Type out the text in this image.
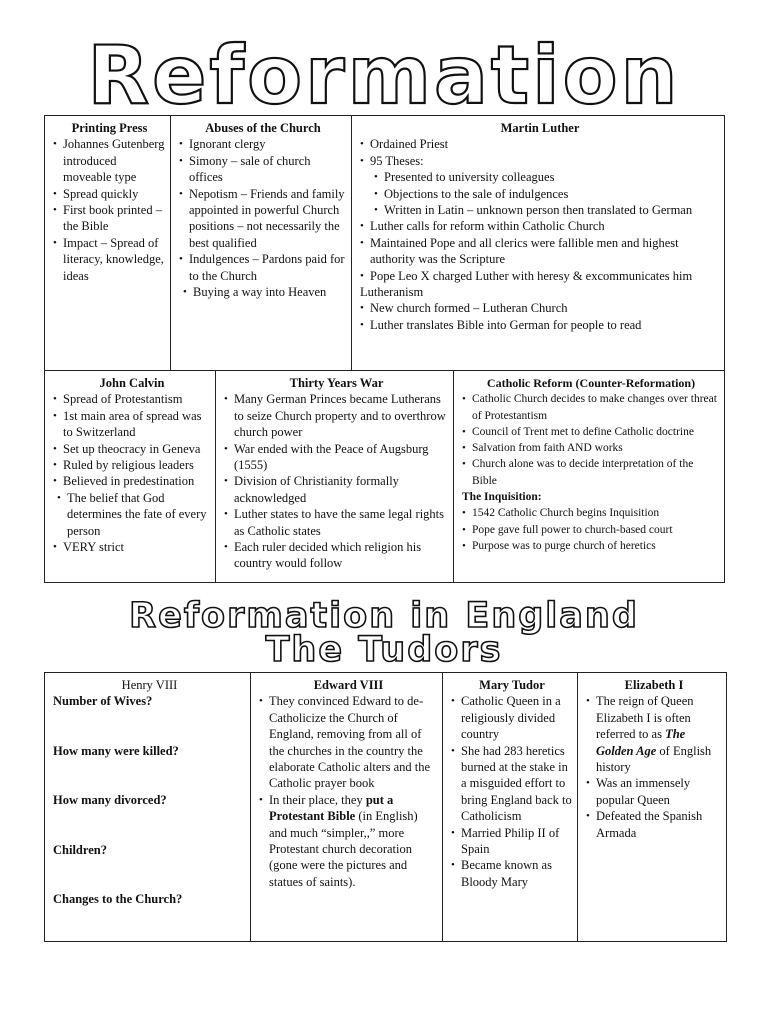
Reformation
Printing Press
• Johannes Gutenberg introduced moveable type
• Spread quickly
• First book printed – the Bible
• Impact – Spread of literacy, knowledge, ideas
Abuses of the Church
• Ignorant clergy
• Simony – sale of church offices
• Nepotism – Friends and family appointed in powerful Church positions – not necessarily the best qualified
• Indulgences – Pardons paid for to the Church
• Buying a way into Heaven
Martin Luther
• Ordained Priest
• 95 Theses:
• Presented to university colleagues
• Objections to the sale of indulgences
• Written in Latin – unknown person then translated to German
• Luther calls for reform within Catholic Church
• Maintained Pope and all clerics were fallible men and highest authority was the Scripture
• Pope Leo X charged Luther with heresy & excommunicates him
Lutheranism
• New church formed – Lutheran Church
• Luther translates Bible into German for people to read
John Calvin
• Spread of Protestantism
• 1st main area of spread was to Switzerland
• Set up theocracy in Geneva
• Ruled by religious leaders
• Believed in predestination
• The belief that God determines the fate of every person
• VERY strict
Thirty Years War
• Many German Princes became Lutherans to seize Church property and to overthrow church power
• War ended with the Peace of Augsburg (1555)
• Division of Christianity formally acknowledged
• Luther states to have the same legal rights as Catholic states
• Each ruler decided which religion his country would follow
Catholic Reform (Counter-Reformation)
• Catholic Church decides to make changes over threat of Protestantism
• Council of Trent met to define Catholic doctrine
• Salvation from faith AND works
• Church alone was to decide interpretation of the Bible
The Inquisition:
• 1542 Catholic Church begins Inquisition
• Pope gave full power to church-based court
• Purpose was to purge church of heretics
Reformation in England
The Tudors
Henry VIII
Number of Wives?
How many were killed?
How many divorced?
Children?
Changes to the Church?
Edward VIII
• They convinced Edward to de-Catholicize the Church of England, removing from all of the churches in the country the elaborate Catholic alters and the Catholic prayer book
• In their place, they put a Protestant Bible (in English) and much “simpler,,” more Protestant church decoration (gone were the pictures and statues of saints).
Mary Tudor
• Catholic Queen in a religiously divided country
• She had 283 heretics burned at the stake in a misguided effort to bring England back to Catholicism
• Married Philip II of Spain
• Became known as Bloody Mary
Elizabeth I
• The reign of Queen Elizabeth I is often referred to as The Golden Age of English history
• Was an immensely popular Queen
• Defeated the Spanish Armada
